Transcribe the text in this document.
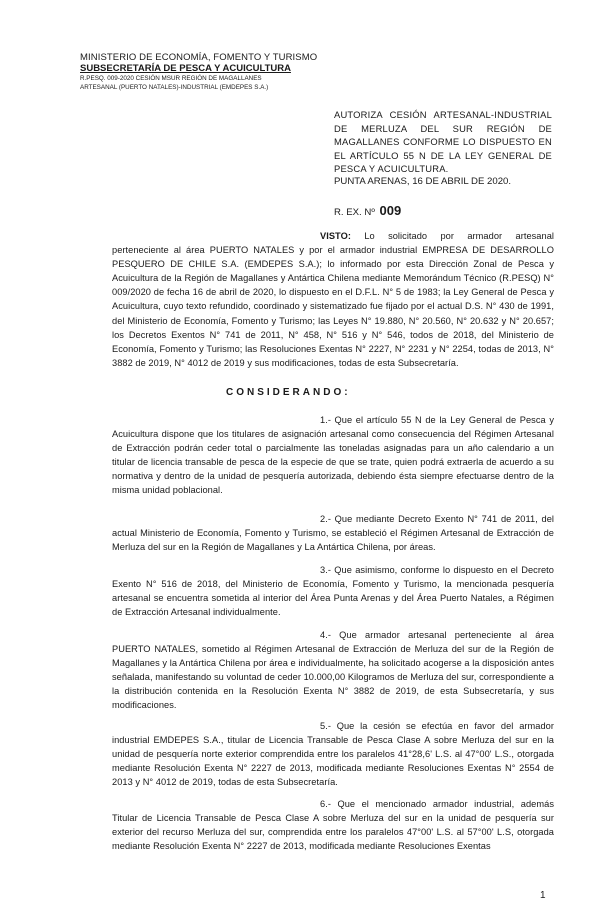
MINISTERIO DE ECONOMÍA, FOMENTO Y TURISMO
SUBSECRETARÍA DE PESCA Y ACUICULTURA
R.PESQ. 009-2020 CESIÓN MSUR REGIÓN DE MAGALLANES
ARTESANAL (PUERTO NATALES)-INDUSTRIAL (EMDEPES S.A.)
AUTORIZA CESIÓN ARTESANAL-INDUSTRIAL DE MERLUZA DEL SUR REGIÓN DE MAGALLANES CONFORME LO DISPUESTO EN EL ARTÍCULO 55 N DE LA LEY GENERAL DE PESCA Y ACUICULTURA.
PUNTA ARENAS, 16 DE ABRIL DE 2020.
R. EX. Nº 009
VISTO: Lo solicitado por armador artesanal perteneciente al área PUERTO NATALES y por el armador industrial EMPRESA DE DESARROLLO PESQUERO DE CHILE S.A. (EMDEPES S.A.); lo informado por esta Dirección Zonal de Pesca y Acuicultura de la Región de Magallanes y Antártica Chilena mediante Memorándum Técnico (R.PESQ) N° 009/2020 de fecha 16 de abril de 2020, lo dispuesto en el D.F.L. N° 5 de 1983; la Ley General de Pesca y Acuicultura, cuyo texto refundido, coordinado y sistematizado fue fijado por el actual D.S. N° 430 de 1991, del Ministerio de Economía, Fomento y Turismo; las Leyes N° 19.880, N° 20.560, N° 20.632 y N° 20.657; los Decretos Exentos N° 741 de 2011, N° 458, N° 516 y N° 546, todos de 2018, del Ministerio de Economía, Fomento y Turismo; las Resoluciones Exentas N° 2227, N° 2231 y N° 2254, todas de 2013, N° 3882 de 2019, N° 4012 de 2019 y sus modificaciones, todas de esta Subsecretaría.
CONSIDERANDO:
1.- Que el artículo 55 N de la Ley General de Pesca y Acuicultura dispone que los titulares de asignación artesanal como consecuencia del Régimen Artesanal de Extracción podrán ceder total o parcialmente las toneladas asignadas para un año calendario a un titular de licencia transable de pesca de la especie de que se trate, quien podrá extraerla de acuerdo a su normativa y dentro de la unidad de pesquería autorizada, debiendo ésta siempre efectuarse dentro de la misma unidad poblacional.
2.- Que mediante Decreto Exento N° 741 de 2011, del actual Ministerio de Economía, Fomento y Turismo, se estableció el Régimen Artesanal de Extracción de Merluza del sur en la Región de Magallanes y La Antártica Chilena, por áreas.
3.- Que asimismo, conforme lo dispuesto en el Decreto Exento N° 516 de 2018, del Ministerio de Economía, Fomento y Turismo, la mencionada pesquería artesanal se encuentra sometida al interior del Área Punta Arenas y del Área Puerto Natales, a Régimen de Extracción Artesanal individualmente.
4.- Que armador artesanal perteneciente al área PUERTO NATALES, sometido al Régimen Artesanal de Extracción de Merluza del sur de la Región de Magallanes y la Antártica Chilena por área e individualmente, ha solicitado acogerse a la disposición antes señalada, manifestando su voluntad de ceder 10.000,00 Kilogramos de Merluza del sur, correspondiente a la distribución contenida en la Resolución Exenta N° 3882 de 2019, de esta Subsecretaría, y sus modificaciones.
5.- Que la cesión se efectúa en favor del armador industrial EMDEPES S.A., titular de Licencia Transable de Pesca Clase A sobre Merluza del sur en la unidad de pesquería norte exterior comprendida entre los paralelos 41°28,6' L.S. al 47°00' L.S., otorgada mediante Resolución Exenta N° 2227 de 2013, modificada mediante Resoluciones Exentas N° 2554 de 2013 y N° 4012 de 2019, todas de esta Subsecretaría.
6.- Que el mencionado armador industrial, además Titular de Licencia Transable de Pesca Clase A sobre Merluza del sur en la unidad de pesquería sur exterior del recurso Merluza del sur, comprendida entre los paralelos 47°00' L.S. al 57°00' L.S, otorgada mediante Resolución Exenta N° 2227 de 2013, modificada mediante Resoluciones Exentas
1
